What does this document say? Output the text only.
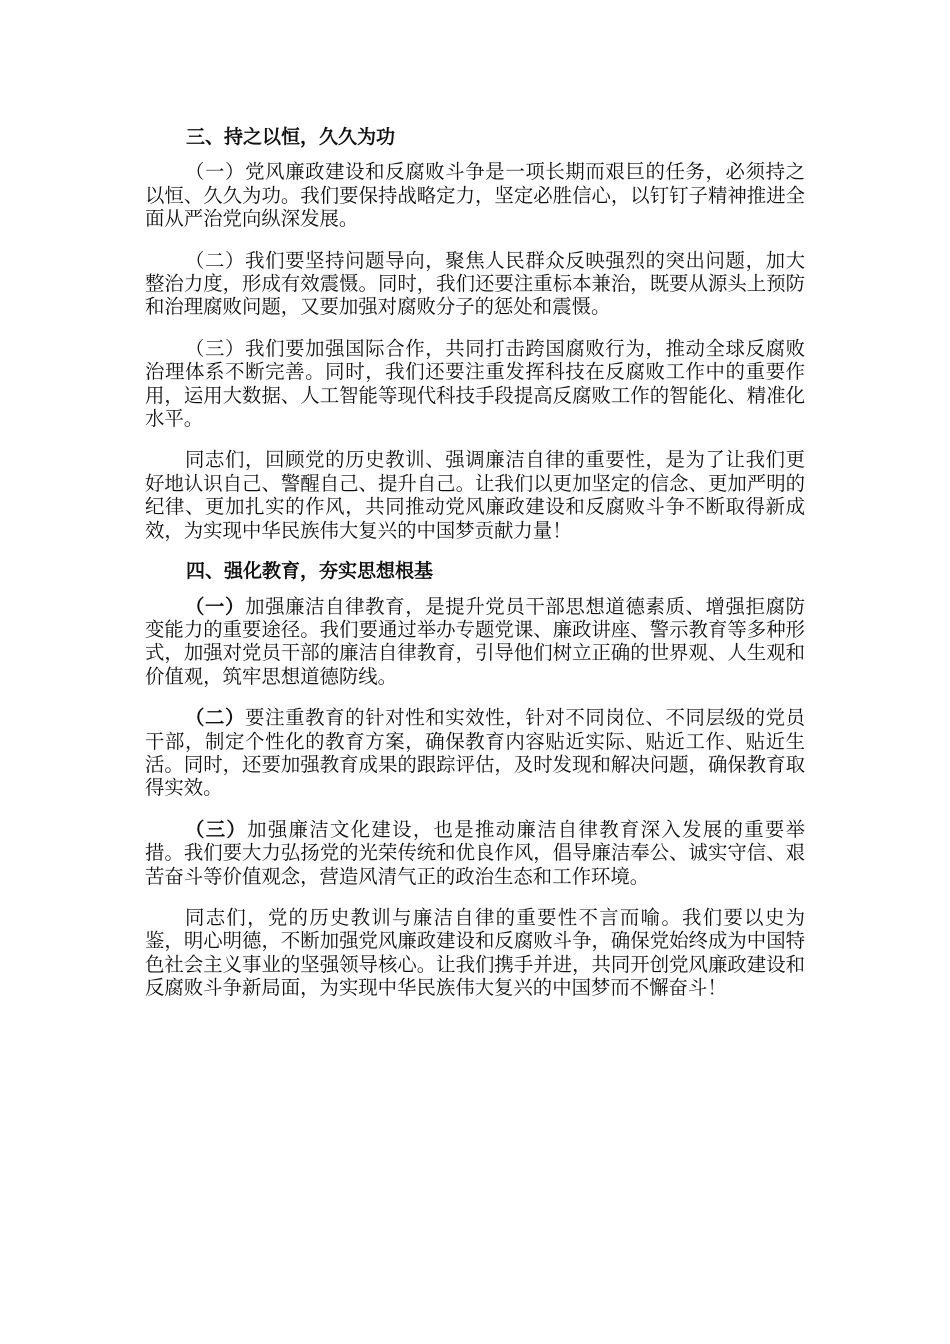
三、持之以恒，久久为功

（一）党风廉政建设和反腐败斗争是一项长期而艰巨的任务，必须持之以恒、久久为功。我们要保持战略定力，坚定必胜信心，以钉钉子精神推进全面从严治党向纵深发展。

（二）我们要坚持问题导向，聚焦人民群众反映强烈的突出问题，加大整治力度，形成有效震慑。同时，我们还要注重标本兼治，既要从源头上预防和治理腐败问题，又要加强对腐败分子的惩处和震慑。

（三）我们要加强国际合作，共同打击跨国腐败行为，推动全球反腐败治理体系不断完善。同时，我们还要注重发挥科技在反腐败工作中的重要作用，运用大数据、人工智能等现代科技手段提高反腐败工作的智能化、精准化水平。

同志们，回顾党的历史教训、强调廉洁自律的重要性，是为了让我们更好地认识自己、警醒自己、提升自己。让我们以更加坚定的信念、更加严明的纪律、更加扎实的作风，共同推动党风廉政建设和反腐败斗争不断取得新成效，为实现中华民族伟大复兴的中国梦贡献力量！

四、强化教育，夯实思想根基

（一）加强廉洁自律教育，是提升党员干部思想道德素质、增强拒腐防变能力的重要途径。我们要通过举办专题党课、廉政讲座、警示教育等多种形式，加强对党员干部的廉洁自律教育，引导他们树立正确的世界观、人生观和价值观，筑牢思想道德防线。

（二）要注重教育的针对性和实效性，针对不同岗位、不同层级的党员干部，制定个性化的教育方案，确保教育内容贴近实际、贴近工作、贴近生活。同时，还要加强教育成果的跟踪评估，及时发现和解决问题，确保教育取得实效。

（三）加强廉洁文化建设，也是推动廉洁自律教育深入发展的重要举措。我们要大力弘扬党的光荣传统和优良作风，倡导廉洁奉公、诚实守信、艰苦奋斗等价值观念，营造风清气正的政治生态和工作环境。

同志们，党的历史教训与廉洁自律的重要性不言而喻。我们要以史为鉴，明心明德，不断加强党风廉政建设和反腐败斗争，确保党始终成为中国特色社会主义事业的坚强领导核心。让我们携手并进，共同开创党风廉政建设和反腐败斗争新局面，为实现中华民族伟大复兴的中国梦而不懈奋斗！
